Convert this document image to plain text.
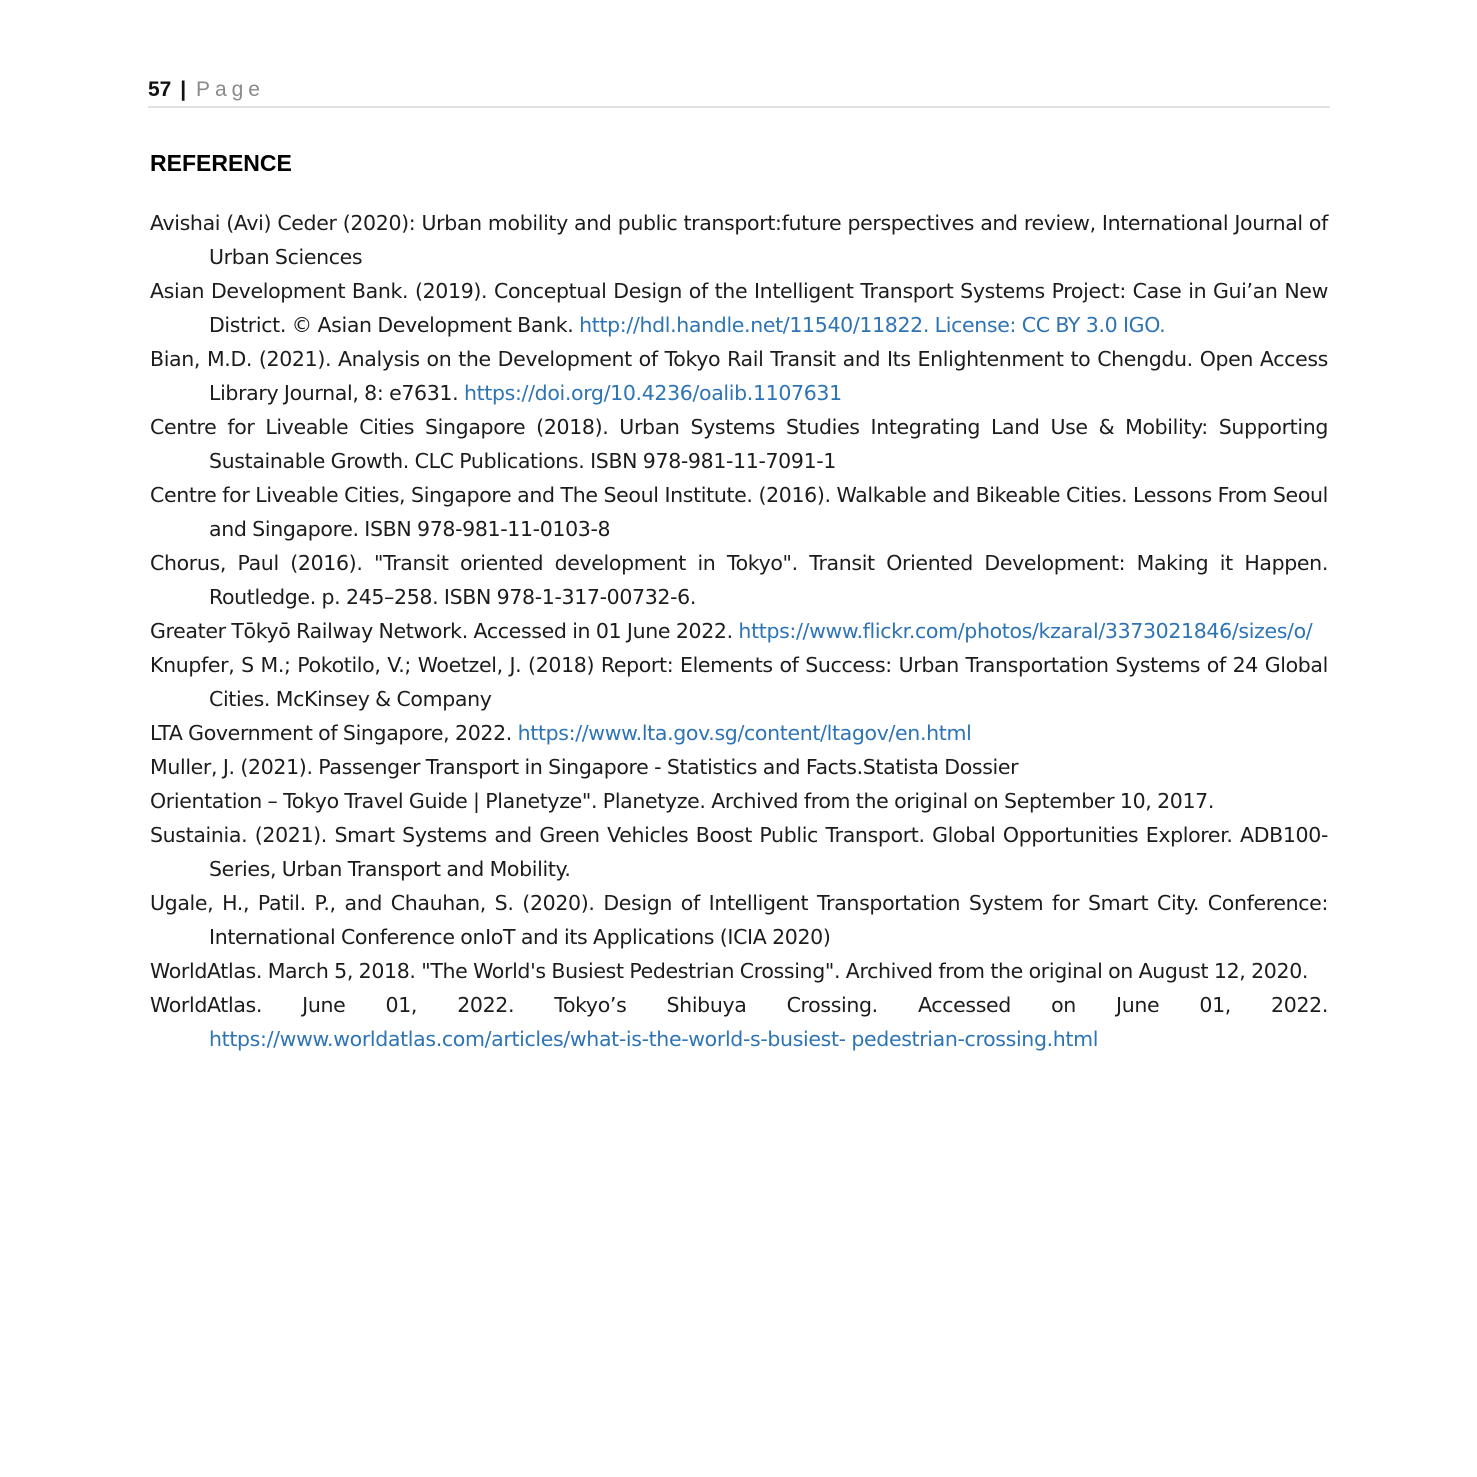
57 | Page
REFERENCE
Avishai (Avi) Ceder (2020): Urban mobility and public transport:future perspectives and review, International Journal of Urban Sciences
Asian Development Bank. (2019). Conceptual Design of the Intelligent Transport Systems Project: Case in Gui’an New District. © Asian Development Bank. http://hdl.handle.net/11540/11822. License: CC BY 3.0 IGO.
Bian, M.D. (2021). Analysis on the Development of Tokyo Rail Transit and Its Enlightenment to Chengdu. Open Access Library Journal, 8: e7631. https://doi.org/10.4236/oalib.1107631
Centre for Liveable Cities Singapore (2018). Urban Systems Studies Integrating Land Use & Mobility: Supporting Sustainable Growth. CLC Publications. ISBN 978-981-11-7091-1
Centre for Liveable Cities, Singapore and The Seoul Institute. (2016). Walkable and Bikeable Cities. Lessons From Seoul and Singapore. ISBN 978-981-11-0103-8
Chorus, Paul (2016). "Transit oriented development in Tokyo". Transit Oriented Development: Making it Happen. Routledge. p. 245–258. ISBN 978-1-317-00732-6.
Greater Tōkyō Railway Network. Accessed in 01 June 2022. https://www.flickr.com/photos/kzaral/3373021846/sizes/o/
Knupfer, S M.; Pokotilo, V.; Woetzel, J. (2018) Report: Elements of Success: Urban Transportation Systems of 24 Global Cities. McKinsey & Company
LTA Government of Singapore, 2022. https://www.lta.gov.sg/content/ltagov/en.html
Muller, J. (2021). Passenger Transport in Singapore - Statistics and Facts.Statista Dossier
Orientation – Tokyo Travel Guide | Planetyze". Planetyze. Archived from the original on September 10, 2017.
Sustainia. (2021). Smart Systems and Green Vehicles Boost Public Transport. Global Opportunities Explorer. ADB100-Series, Urban Transport and Mobility.
Ugale, H., Patil. P., and Chauhan, S. (2020). Design of Intelligent Transportation System for Smart City. Conference: International Conference onIoT and its Applications (ICIA 2020)
WorldAtlas. March 5, 2018. "The World's Busiest Pedestrian Crossing". Archived from the original on August 12, 2020.
WorldAtlas. June 01, 2022. Tokyo’s Shibuya Crossing. Accessed on June 01, 2022. https://www.worldatlas.com/articles/what-is-the-world-s-busiest- pedestrian-crossing.html
